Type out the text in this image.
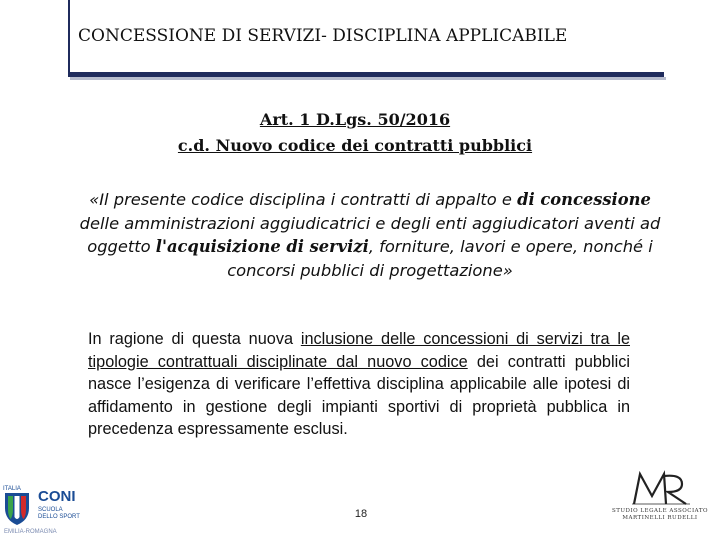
CONCESSIONE DI SERVIZI- DISCIPLINA APPLICABILE

Art. 1 D.Lgs. 50/2016

c.d. Nuovo codice dei contratti pubblici

«Il presente codice disciplina i contratti di appalto e di concessione delle amministrazioni aggiudicatrici e degli enti aggiudicatori aventi ad oggetto l'acquisizione di servizi, forniture, lavori e opere, nonché i concorsi pubblici di progettazione»

In ragione di questa nuova inclusione delle concessioni di servizi tra le tipologie contrattuali disciplinate dal nuovo codice dei contratti pubblici nasce l’esigenza di verificare l’effettiva disciplina applicabile alle ipotesi di affidamento in gestione degli impianti sportivi di proprietà pubblica in precedenza espressamente esclusi.

18

ITALIA CONI

SCUOLA

DELLO SPORT

EMILIA-ROMAGNA

STUDIO LEGALE ASSOCIATO

MARTINELLI RUDELLI
